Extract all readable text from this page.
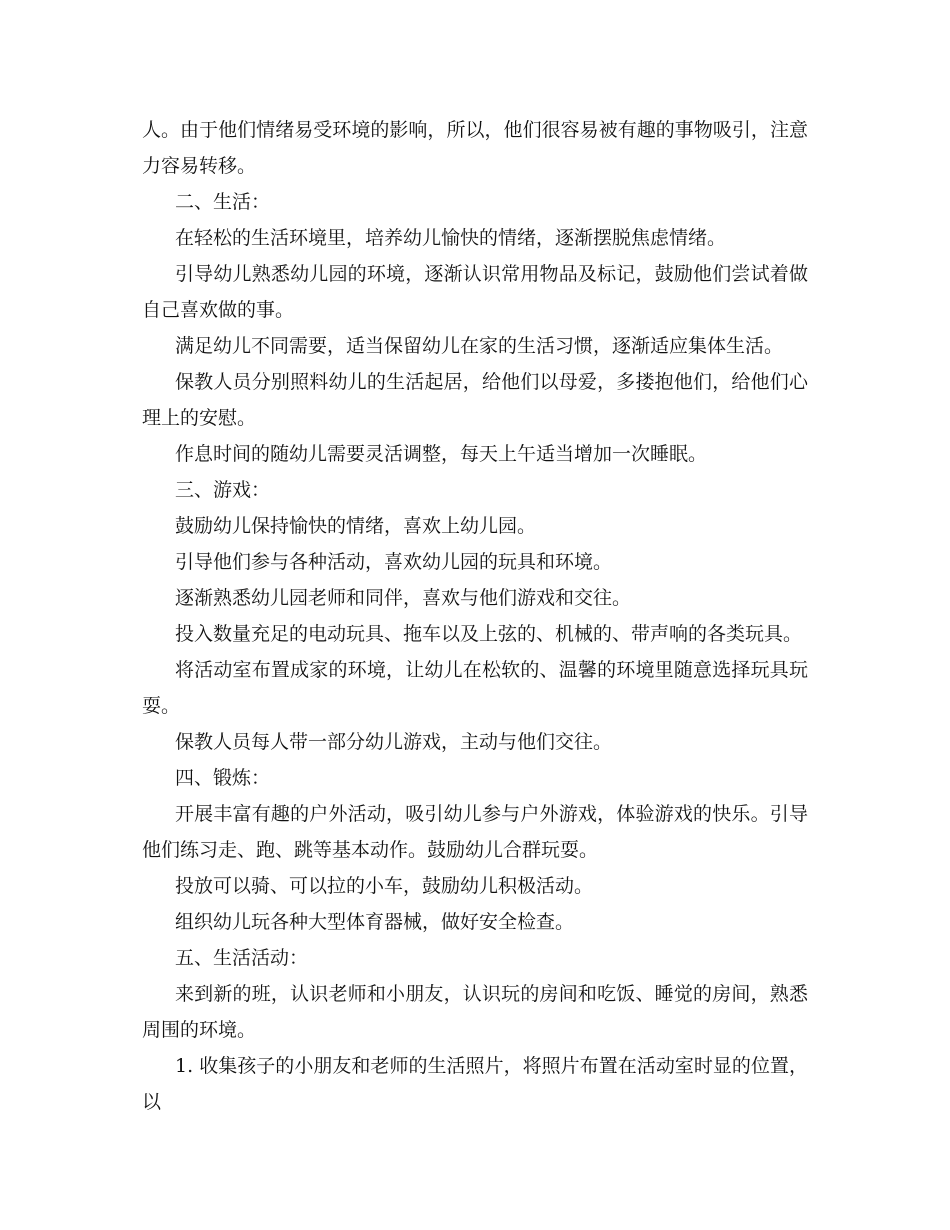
人。由于他们情绪易受环境的影响，所以，他们很容易被有趣的事物吸引，注意力容易转移。

二、生活：

在轻松的生活环境里，培养幼儿愉快的情绪，逐渐摆脱焦虑情绪。

引导幼儿熟悉幼儿园的环境，逐渐认识常用物品及标记，鼓励他们尝试着做自己喜欢做的事。

满足幼儿不同需要，适当保留幼儿在家的生活习惯，逐渐适应集体生活。

保教人员分别照料幼儿的生活起居，给他们以母爱，多搂抱他们，给他们心理上的安慰。

作息时间的随幼儿需要灵活调整，每天上午适当增加一次睡眠。

三、游戏：

鼓励幼儿保持愉快的情绪，喜欢上幼儿园。

引导他们参与各种活动，喜欢幼儿园的玩具和环境。

逐渐熟悉幼儿园老师和同伴，喜欢与他们游戏和交往。

投入数量充足的电动玩具、拖车以及上弦的、机械的、带声响的各类玩具。

将活动室布置成家的环境，让幼儿在松软的、温馨的环境里随意选择玩具玩耍。

保教人员每人带一部分幼儿游戏，主动与他们交往。

四、锻炼：

开展丰富有趣的户外活动，吸引幼儿参与户外游戏，体验游戏的快乐。引导他们练习走、跑、跳等基本动作。鼓励幼儿合群玩耍。

投放可以骑、可以拉的小车，鼓励幼儿积极活动。

组织幼儿玩各种大型体育器械，做好安全检查。

五、生活活动：

来到新的班，认识老师和小朋友，认识玩的房间和吃饭、睡觉的房间，熟悉周围的环境。

1. 收集孩子的小朋友和老师的生活照片，将照片布置在活动室时显的位置，以
